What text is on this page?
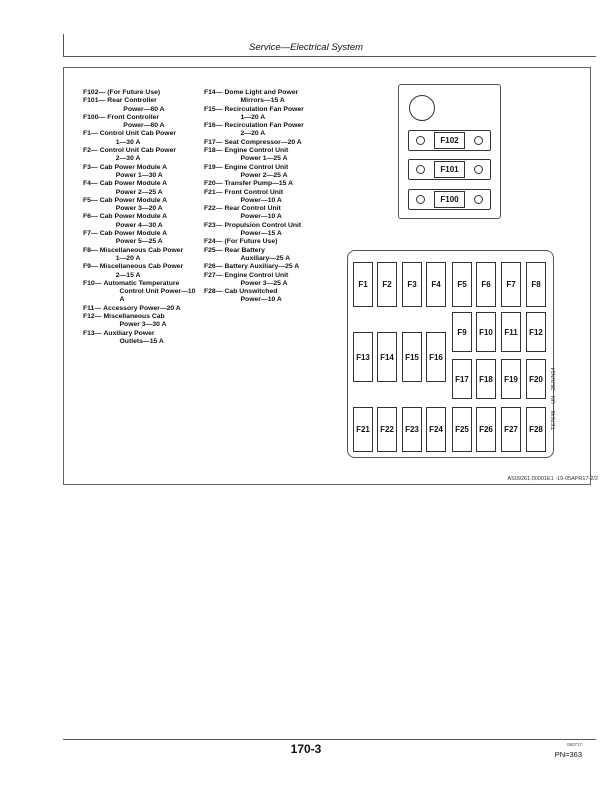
Service—Electrical System
F102— (For Future Use)
F101— Rear Controller
Power—60 A
F100— Front Controller
Power—60 A
F1— Control Unit Cab Power
1—30 A
F2— Control Unit Cab Power
2—30 A
F3— Cab Power Module A
Power 1—30 A
F4— Cab Power Module A
Power 2—25 A
F5— Cab Power Module A
Power 3—20 A
F6— Cab Power Module A
Power 4—30 A
F7— Cab Power Module A
Power 5—25 A
F8— Miscellaneous Cab Power
1—20 A
F9— Miscellaneous Cab Power
2—15 A
F10— Automatic Temperature
Control Unit Power—10
A
F11— Accessory Power—20 A
F12— Miscellaneous Cab
Power 3—30 A
F13— Auxiliary Power
Outlets—15 A
F14— Dome Light and Power
Mirrors—15 A
F15— Recirculation Fan Power
1—20 A
F16— Recirculation Fan Power
2—20 A
F17— Seat Compressor—20 A
F18— Engine Control Unit
Power 1—25 A
F19— Engine Control Unit
Power 2—25 A
F20— Transfer Pump—15 A
F21— Front Control Unit
Power—10 A
F22— Rear Control Unit
Power—10 A
F23— Propulsion Control Unit
Power—15 A
F24— (For Future Use)
F25— Rear Battery
Auxiliary—25 A
F26— Battery Auxiliary—25 A
F27— Engine Control Unit
Power 3—25 A
F28— Cab Unswitched
Power—10 A
F102
F101
F100
F1 F2 F3 F4 F5 F6 F7 F8
F9 F10 F11 F12
F13 F14 F15 F16
F17 F18 F19 F20
F21 F22 F23 F24 F25 F26 F27 F28 TS7648 —UN—25JUN14
AS09261,00001E1 -19-05APR17-2/2
170-3	080717
PN=363
